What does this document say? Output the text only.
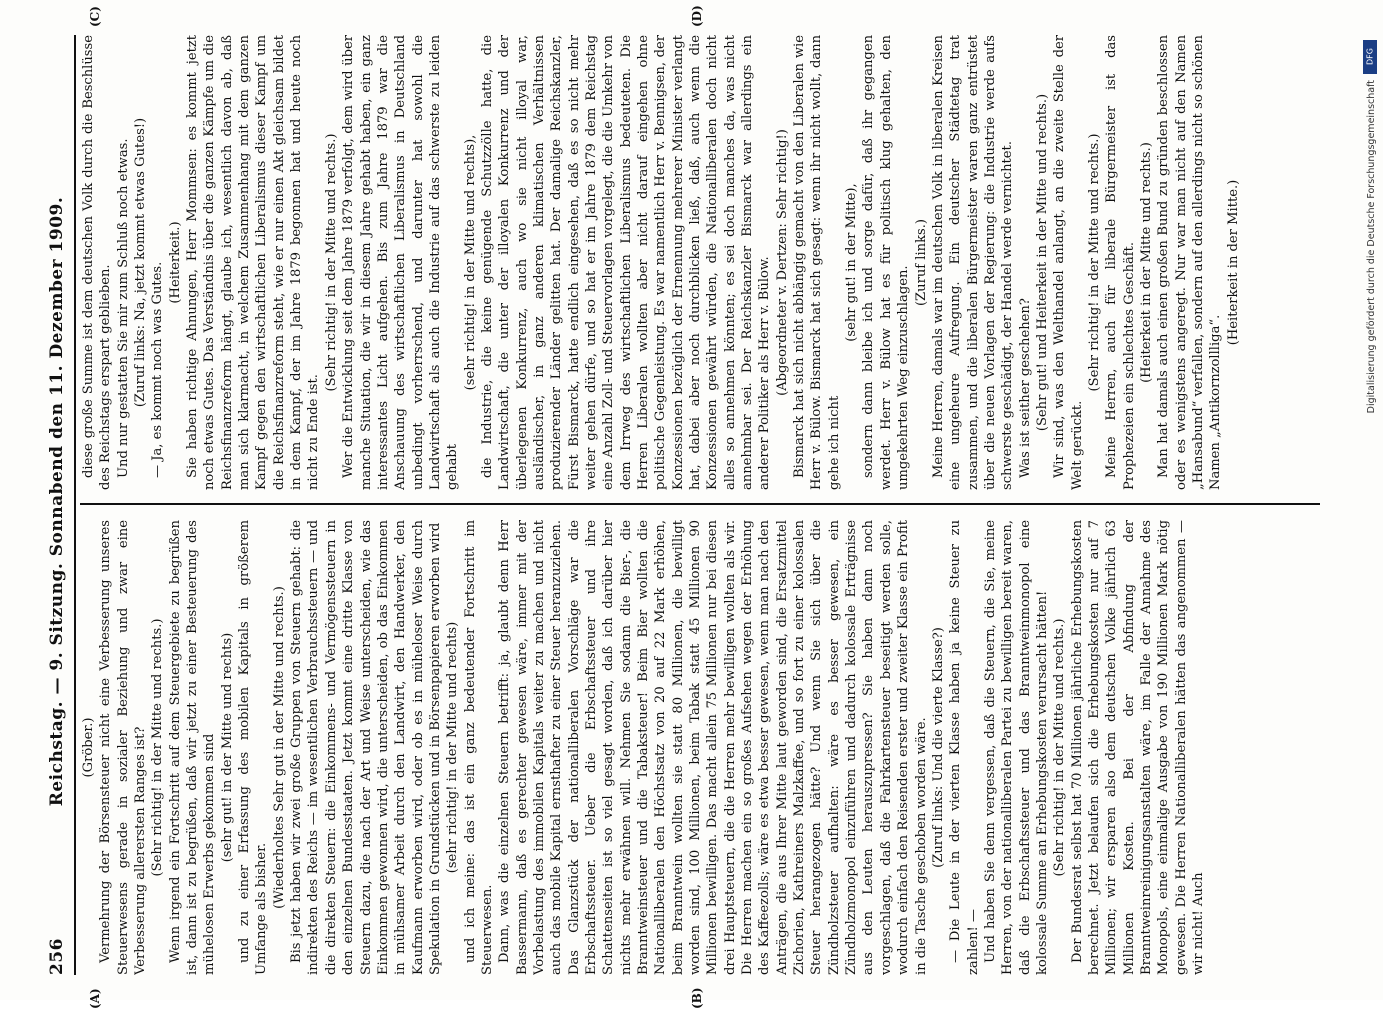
256
Reichstag. — 9. Sitzung. Sonnabend den 11. Dezember 1909. (Gröber.) Vermehrung der Börsensteuer nicht eine Verbesserung unseres Steuerwesens gerade in sozialer Beziehung und zwar eine Verbesserung allerersten Ranges ist? (Sehr richtig! in der Mitte und rechts.) Wenn irgend ein Fortschritt auf dem Steuergebiete zu begrüßen ist, dann ist zu begrüßen, daß wir jetzt zu einer Besteuerung des mühelosen Erwerbs gekommen sind (sehr gut! in der Mitte und rechts) und zu einer Erfassung des mobilen Kapitals in größerem Umfange als bisher.

(Wiederholtes Sehr gut in der Mitte und rechts.) Bis jetzt haben wir zwei große Gruppen von Steuern gehabt: die indirekten des Reichs — im wesentlichen Verbrauchssteuern — und die direkten Steuern: die Einkommens- und Vermögenssteuern in den einzelnen Bundesstaaten. Jetzt kommt eine dritte Klasse von Steuern dazu, die nach der Art und Weise unterscheiden, wie das Einkommen gewonnen wird, die unterscheiden, ob das Einkommen in mühsamer Arbeit durch den Landwirt, den Handwerker, den Kaufmann erworben wird, oder ob es in müheloser Weise durch Spekulation in Grundstücken und in Börsenpapieren erworben wird (sehr richtig! in der Mitte und rechts) und ich meine: das ist ein ganz bedeutender Fortschritt im Steuerwesen. Dann, was die einzelnen Steuern betrifft: ja, glaubt denn Herr Bassermann, daß es gerechter gewesen wäre, immer mit der Vorbelastung des immobilen Kapitals weiter zu machen und nicht auch das mobile Kapital ernsthafter zu einer Steuer heranzuziehen. Das Glanzstück der nationalliberalen Vorschläge war die Erbschaftssteuer. Ueber die Erbschaftssteuer und ihre Schattenseiten ist so viel gesagt worden, daß ich darüber hier nichts mehr erwähnen will. Nehmen Sie sodann die Bier-, die Branntweinsteuer und die Tabaksteuer! Beim Bier wollten die Nationalliberalen den Höchstsatz von 20 auf 22 Mark erhöhen, beim Branntwein wollten sie statt 80 Millionen, die bewilligt worden sind, 100 Millionen, beim Tabak statt 45 Millionen 90 Millionen bewilligen. Das macht allein 75 Millionen nur bei diesen drei Hauptsteuern, die die Herren mehr bewilligen wollten als wir. Die Herren machen ein so großes Aufsehen wegen der Erhöhung des Kaffeezolls; wäre es etwa besser gewesen, wenn man nach den Anträgen, die aus Ihrer Mitte laut geworden sind, die Ersatzmittel Zichorien, Kathreiners Malzkaffee, und so fort zu einer kolossalen Steuer herangezogen hätte? Und wenn Sie sich über die Zündholzsteuer aufhalten: wäre es besser gewesen, ein Zündholzmonopol einzuführen und dadurch kolossale Erträgnisse aus den Leuten herauszupressen? Sie haben dann noch vorgeschlagen, daß die Fahrkartensteuer beseitigt werden solle, wodurch einfach den Reisenden erster und zweiter Klasse ein Profit in die Tasche geschoben worden wäre. (Zuruf links: Und die vierte Klasse?) — Die Leute in der vierten Klasse haben ja keine Steuer zu zahlen! — Und haben Sie denn vergessen, daß die Steuern, die Sie, meine Herren, von der nationalliberalen Partei zu bewilligen bereit waren, daß die Erbschaftssteuer und das Branntweinmonopol eine kolossale Summe an Erhebungskosten verursacht hätten! (Sehr richtig! in der Mitte und rechts.) Der Bundesrat selbst hat 70 Millionen jährliche Erhebungskosten berechnet. Jetzt belaufen sich die Erhebungskosten nur auf 7 Millionen; wir ersparen also dem deutschen Volke jährlich 63 Millionen Kosten. Bei der Abfindung der Branntweinreinigungsanstalten wäre, im Falle der Annahme des Monopols, eine einmalige Ausgabe von 190 Millionen Mark nötig gewesen. Die Herren Nationalliberalen hätten das angenommen — wir nicht! Auch

diese große Summe ist dem deutschen Volk durch die Beschlüsse des Reichstags erspart geblieben. Und nur gestatten Sie mir zum Schluß noch etwas. (Zuruf links: Na, jetzt kommt etwas Gutes!) — Ja, es kommt noch was Gutes. (Heiterkeit.) Sie haben richtige Ahnungen, Herr Mommsen: es kommt jetzt noch etwas Gutes. Das Verständnis über die ganzen Kämpfe um die Reichsfinanzreform hängt, glaube ich, wesentlich davon ab, daß man sich klarmacht, in welchem Zusammenhang mit dem ganzen Kampf gegen den wirtschaftlichen Liberalismus dieser Kampf um die Reichsfinanzreform steht, wie er nur einen Akt gleichsam bildet in dem Kampf, der im Jahre 1879 begonnen hat und heute noch nicht zu Ende ist.

(Sehr richtig! in der Mitte und rechts.) Wer die Entwicklung seit dem Jahre 1879 verfolgt, dem wird über manche Situation, die wir in diesem Jahre gehabt haben, ein ganz interessantes Licht aufgehen. Bis zum Jahre 1879 war die Anschauung des wirtschaftlichen Liberalismus in Deutschland unbedingt vorherrschend, und darunter hat sowohl die Landwirtschaft als auch die Industrie auf das schwerste zu leiden gehabt

(sehr richtig! in der Mitte und rechts), die Industrie, die keine genügende Schutzzölle hatte, die Landwirtschaft, die unter der illoyalen Konkurrenz und der überlegenen Konkurrenz, auch wo sie nicht illoyal war, ausländischer, in ganz anderen klimatischen Verhältnissen produzierender Länder gelitten hat. Der damalige Reichskanzler, Fürst Bismarck, hatte endlich eingesehen, daß es so nicht mehr weiter gehen dürfe, und so hat er im Jahre 1879 dem Reichstag eine Anzahl Zoll- und Steuervorlagen vorgelegt, die die Umkehr von dem Irrweg des wirtschaftlichen Liberalismus bedeuteten. Die Herren Liberalen wollten aber nicht darauf eingehen ohne politische Gegenleistung. Es war namentlich Herr v. Bennigsen, der Konzessionen bezüglich der Ernennung mehrerer Minister verlangt hat, dabei aber noch durchblicken ließ, daß, auch wenn die Konzessionen gewährt würden, die Nationalliberalen doch nicht alles so annehmen könnten; es sei doch manches da, was nicht annehmbar sei. Der Reichskanzler Bismarck war allerdings ein anderer Politiker als Herr v. Bülow. (Abgeordneter v. Dertzen: Sehr richtig!) Bismarck hat sich nicht abhängig gemacht von den Liberalen wie Herr v. Bülow. Bismarck hat sich gesagt: wenn ihr nicht wollt, dann gehe ich nicht

(sehr gut! in der Mitte), sondern dann bleibe ich und sorge dafür, daß ihr gegangen werdet. Herr v. Bülow hat es für politisch klug gehalten, den umgekehrten Weg einzuschlagen.

(Zuruf links.) Meine Herren, damals war im deutschen Volk in liberalen Kreisen eine ungeheure Aufregung. Ein deutscher Städtetag trat zusammen, und die liberalen Bürgermeister waren ganz entrüstet über die neuen Vorlagen der Regierung: die Industrie werde aufs schwerste geschädigt, der Handel werde vernichtet. Was ist seither geschehen? (Sehr gut! und Heiterkeit in der Mitte und rechts.) Wir sind, was den Welthandel anlangt, an die zweite Stelle der Welt gerückt.

(Sehr richtig! in der Mitte und rechts.) Meine Herren, auch für liberale Bürgermeister ist das Prophezeien ein schlechtes Geschäft. (Heiterkeit in der Mitte und rechts.) Man hat damals auch einen großen Bund zu gründen beschlossen oder es wenigstens angeregt. Nur war man nicht auf den Namen „Hansabund“ verfallen, sondern auf den allerdings nicht so schönen Namen „Antikornzollliga“.

(Heiterkeit in der Mitte.)

(A)	(B)
(C)	(D)
DFG
Digitalisierung gefördert durch die Deutsche Forschungsgemeinschaft
